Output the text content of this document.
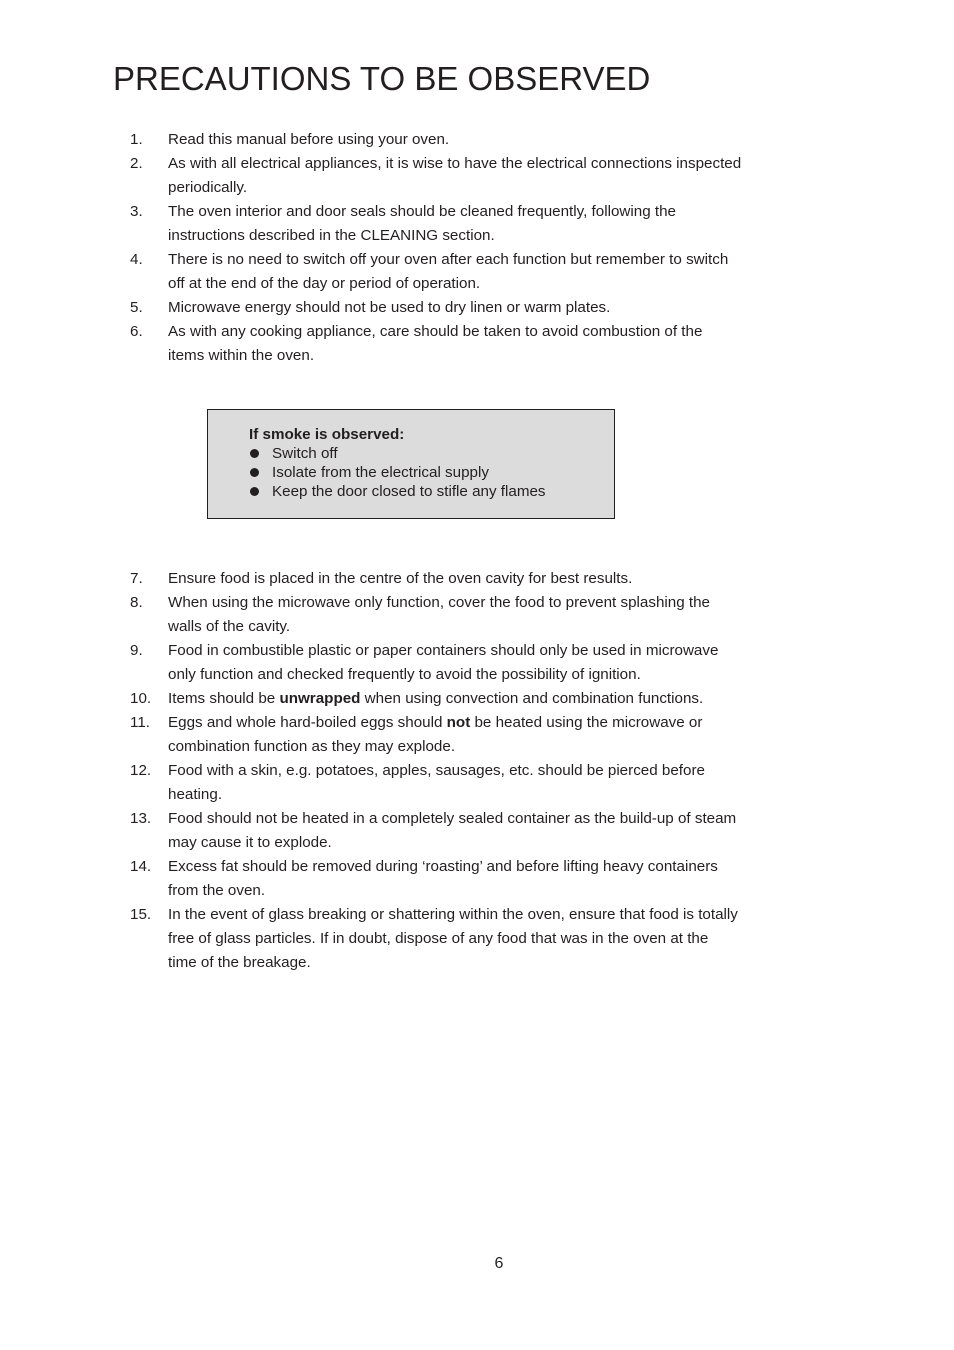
PRECAUTIONS TO BE OBSERVED
1. Read this manual before using your oven.
2. As with all electrical appliances, it is wise to have the electrical connections inspected
periodically.
3. The oven interior and door seals should be cleaned frequently, following the
instructions described in the CLEANING section.
4. There is no need to switch off your oven after each function but remember to switch
off at the end of the day or period of operation.
5. Microwave energy should not be used to dry linen or warm plates.
6. As with any cooking appliance, care should be taken to avoid combustion of the
items within the oven.
If smoke is observed:
Switch off
Isolate from the electrical supply
Keep the door closed to stifle any flames
7. Ensure food is placed in the centre of the oven cavity for best results.
8. When using the microwave only function, cover the food to prevent splashing the
walls of the cavity.
9. Food in combustible plastic or paper containers should only be used in microwave
only function and checked frequently to avoid the possibility of ignition.
10. Items should be unwrapped when using convection and combination functions.
11. Eggs and whole hard-boiled eggs should not be heated using the microwave or
combination function as they may explode.
12. Food with a skin, e.g. potatoes, apples, sausages, etc. should be pierced before
heating.
13. Food should not be heated in a completely sealed container as the build-up of steam
may cause it to explode.
14. Excess fat should be removed during ‘roasting’ and before lifting heavy containers
from the oven.
15. In the event of glass breaking or shattering within the oven, ensure that food is totally
free of glass particles. If in doubt, dispose of any food that was in the oven at the
time of the breakage.
6
